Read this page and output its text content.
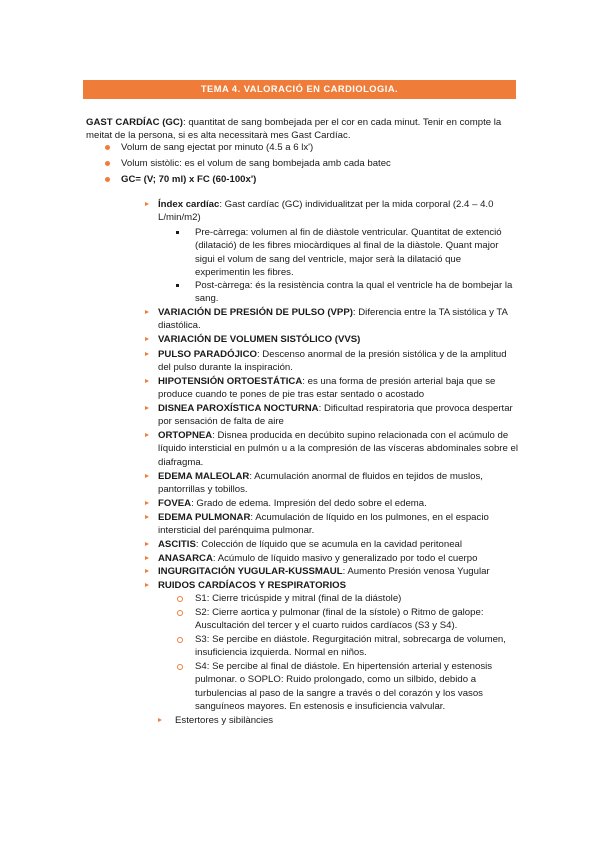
TEMA 4. VALORACIÓ EN CARDIOLOGIA.
GAST CARDÍAC (GC): quantitat de sang bombejada per el cor en cada minut. Tenir en compte la meitat de la persona, si es alta necessitarà mes Gast Cardíac.
Volum de sang ejectat por minuto (4.5 a 6 lx')
Volum sistòlic: es el volum de sang bombejada amb cada batec
GC= (V; 70 ml) x FC (60-100x')
Índex cardíac: Gast cardíac (GC) individualitzat per la mida corporal (2.4 – 4.0 L/min/m2)
Pre-càrrega: volumen al fin de diàstole ventricular. Quantitat de extenció (dilatació) de les fibres miocàrdiques al final de la diàstole. Quant major sigui el volum de sang del ventricle, major serà la dilatació que experimentin les fibres.
Post-càrrega: és la resistència contra la qual el ventricle ha de bombejar la sang.
VARIACIÓN DE PRESIÓN DE PULSO (VPP): Diferencia entre la TA sistólica y TA diastólica.
VARIACIÓN DE VOLUMEN SISTÓLICO (VVS)
PULSO PARADÓJICO: Descenso anormal de la presión sistólica y de la amplitud del pulso durante la inspiración.
HIPOTENSIÓN ORTOESTÁTICA: es una forma de presión arterial baja que se produce cuando te pones de pie tras estar sentado o acostado
DISNEA PAROXÍSTICA NOCTURNA: Dificultad respiratoria que provoca despertar por sensación de falta de aire
ORTOPNEA: Disnea producida en decúbito supino relacionada con el acúmulo de líquido intersticial en pulmón u a la compresión de las vísceras abdominales sobre el diafragma.
EDEMA MALEOLAR: Acumulación anormal de fluidos en tejidos de muslos, pantorrillas y tobillos.
FOVEA: Grado de edema. Impresión del dedo sobre el edema.
EDEMA PULMONAR: Acumulación de líquido en los pulmones, en el espacio intersticial del parénquima pulmonar.
ASCITIS: Colección de líquido que se acumula en la cavidad peritoneal
ANASARCA: Acúmulo de líquido masivo y generalizado por todo el cuerpo
INGURGITACIÓN YUGULAR-KUSSMAUL: Aumento Presión venosa Yugular
RUIDOS CARDÍACOS Y RESPIRATORIOS
S1: Cierre tricúspide y mitral (final de la diástole)
S2: Cierre aortica y pulmonar (final de la sístole) o Ritmo de galope: Auscultación del tercer y el cuarto ruidos cardíacos (S3 y S4).
S3: Se percibe en diástole. Regurgitación mitral, sobrecarga de volumen, insuficiencia izquierda. Normal en niños.
S4: Se percibe al final de diástole. En hipertensión arterial y estenosis pulmonar. o SOPLO: Ruido prolongado, como un silbido, debido a turbulencias al paso de la sangre a través o del corazón y los vasos sanguíneos mayores. En estenosis e insuficiencia valvular.
Estertores y sibilàncies
